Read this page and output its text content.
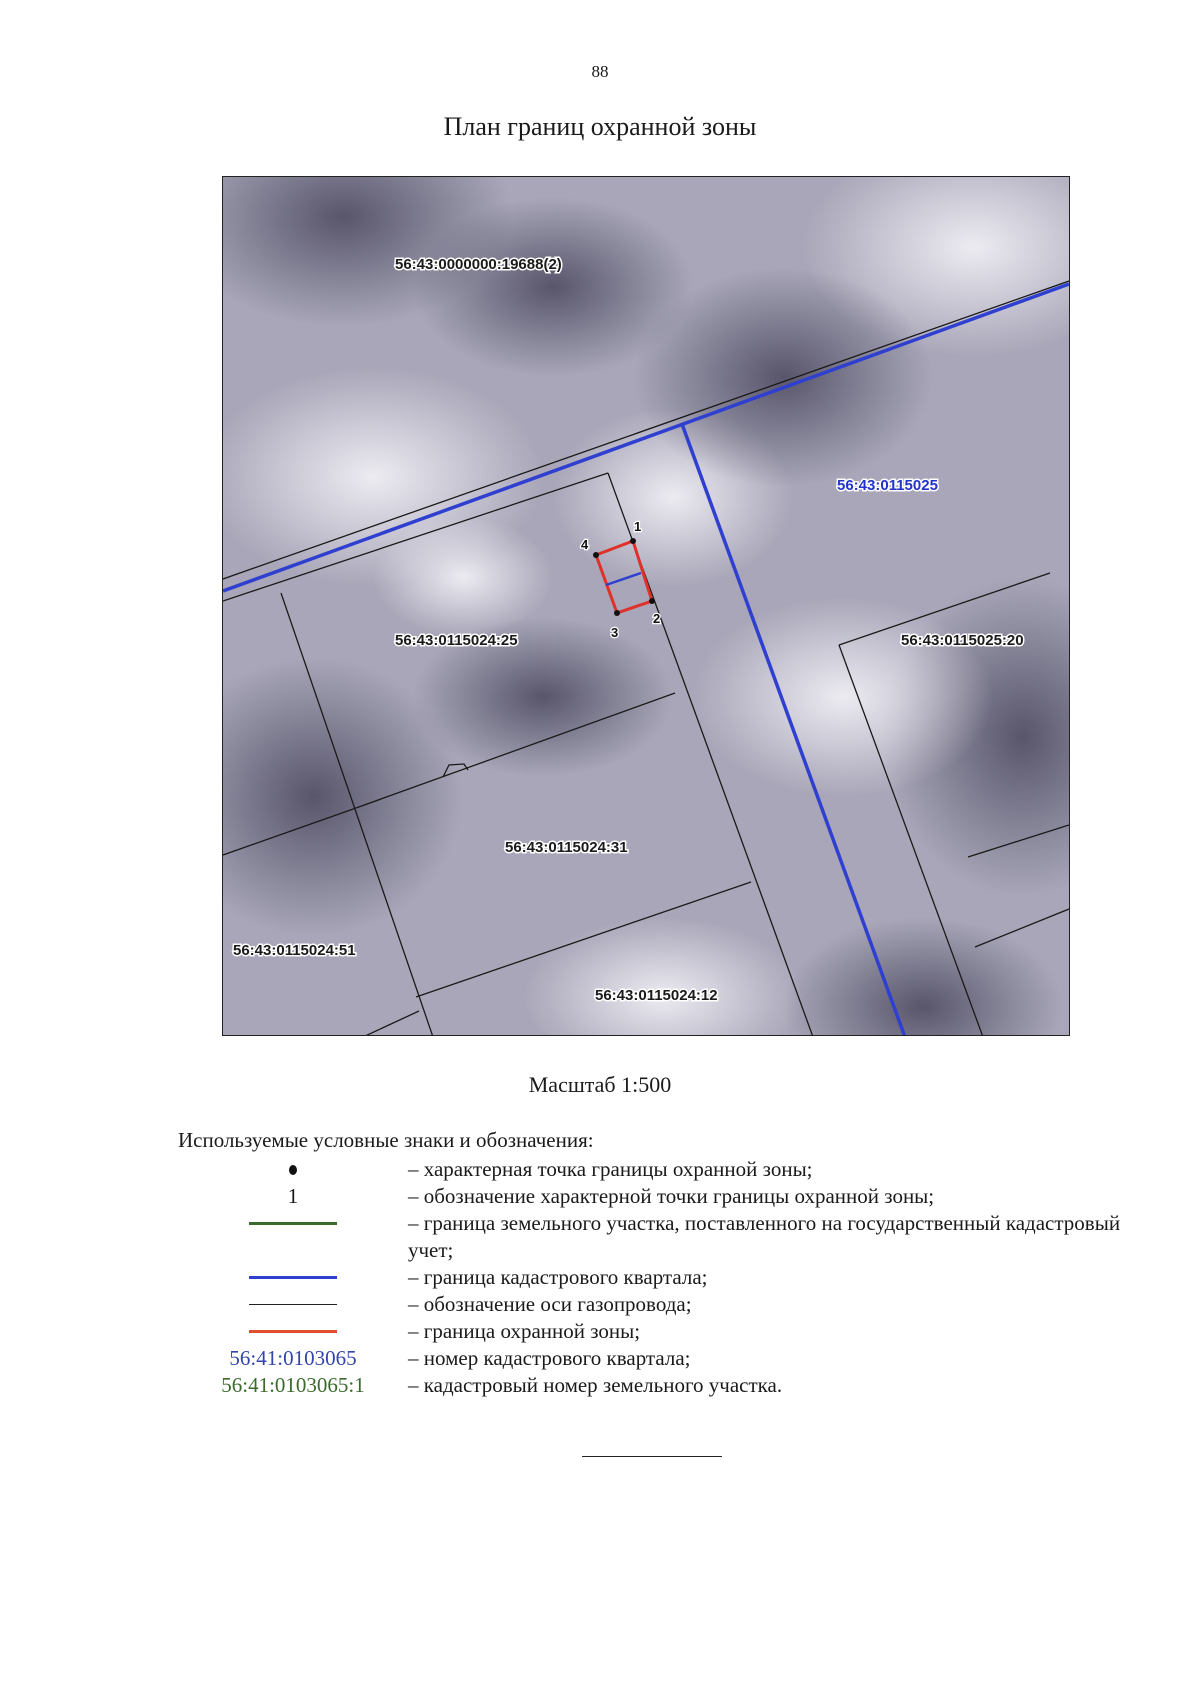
88
План границ охранной зоны
1
2
3
4
56:43:0000000:19688(2)
56:43:0115025
56:43:0115024:25	56:43:0115025:20
56:43:0115024:31
56:43:0115024:51
56:43:0115024:12
Масштаб 1:500
Используемые условные знаки и обозначения:
– характерная точка границы охранной зоны;
1	– обозначение характерной точки границы охранной зоны;
– граница земельного участка, поставленного на государственный кадастровый учет;
– граница кадастрового квартала;
– обозначение оси газопровода;
– граница охранной зоны;
56:41:0103065	– номер кадастрового квартала;
56:41:0103065:1	– кадастровый номер земельного участка.
